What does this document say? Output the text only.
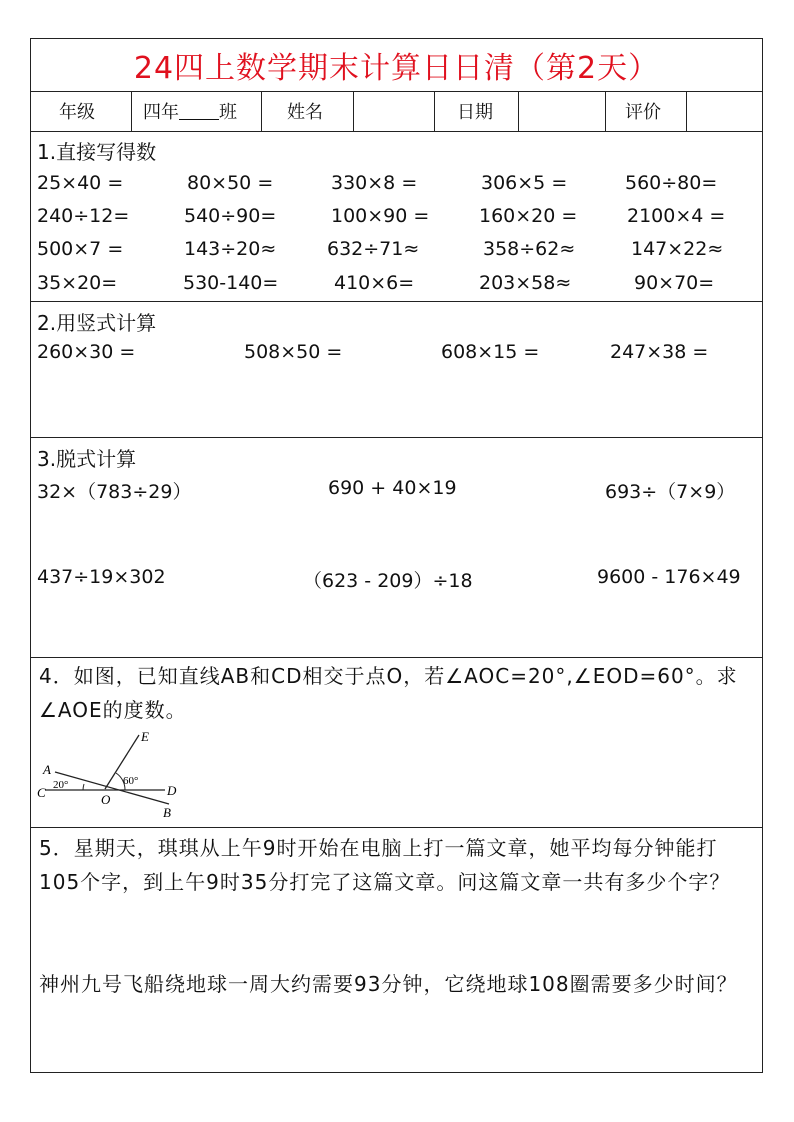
24四上数学期末计算日日清（第2天）
年级	四年 班	姓名	日期	评价
1.直接写得数
25×40 =	80×50 =	330×8 =	306×5 =	560÷80=
240÷12=	540÷90=	100×90 =	160×20 =	2100×4 =
500×7 =	143÷20≈	632÷71≈	358÷62≈	147×22≈
35×20=	530-140=	410×6=	203×58≈	90×70=
2.用竖式计算
260×30 =	508×50 =	608×15 =	247×38 =
3.脱式计算
32×（783÷29）	690 + 40×19	693÷（7×9）
437÷19×302	（623 - 209）÷18	9600 - 176×49
4．如图，已知直线AB和CD相交于点O，若∠AOC=20°,∠EOD=60°。求∠AOE的度数。
A
B
C	D
E
O
20°	60°
5．星期天，琪琪从上午9时开始在电脑上打一篇文章，她平均每分钟能打105个字，到上午9时35分打完了这篇文章。问这篇文章一共有多少个字？
神州九号飞船绕地球一周大约需要93分钟，它绕地球108圈需要多少时间？
